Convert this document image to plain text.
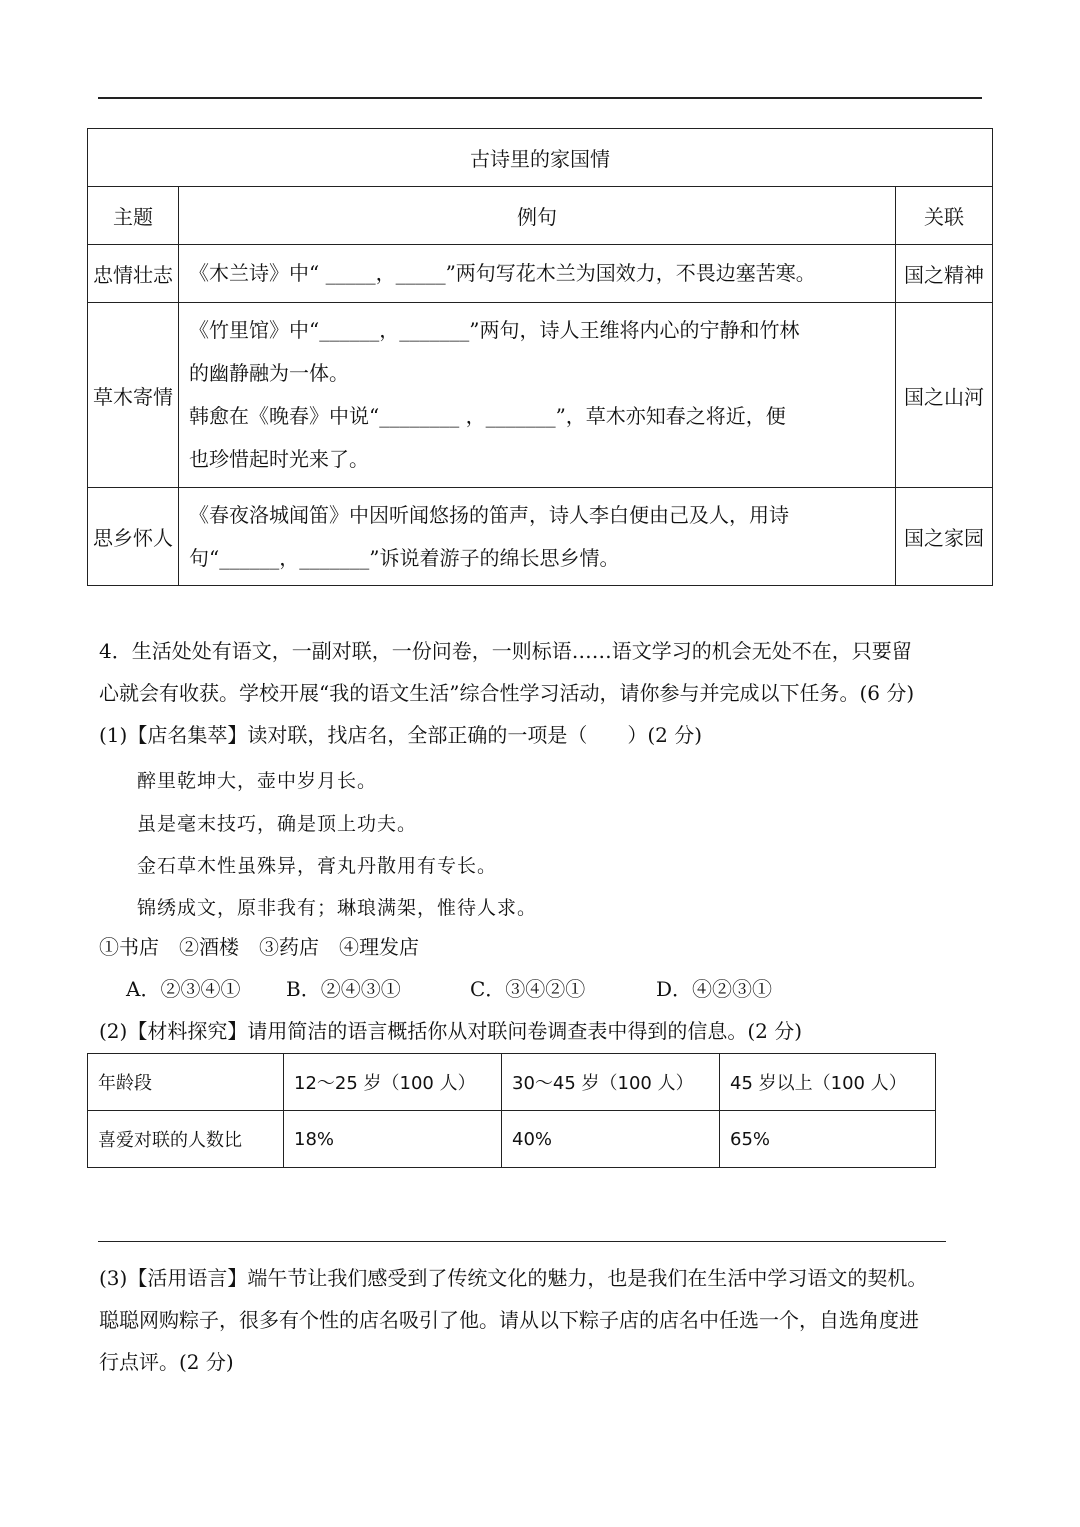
古诗里的家国情		
主题	例句	关联
忠情壮志	《木兰诗》中“ _____，_____”两句写花木兰为国效力，不畏边塞苦寒。	国之精神
草木寄情	《竹里馆》中“______，_______”两句，诗人王维将内心的宁静和竹林
的幽静融为一体。
韩愈在《晚春》中说“________ ，_______”，草木亦知春之将近，便
也珍惜起时光来了。	国之山河
思乡怀人	《春夜洛城闻笛》中因听闻悠扬的笛声，诗人李白便由己及人，用诗
句“______，_______”诉说着游子的绵长思乡情。	国之家园
4．生活处处有语文，一副对联，一份问卷，一则标语……语文学习的机会无处不在，只要留
心就会有收获。学校开展“我的语文生活”综合性学习活动，请你参与并完成以下任务。(6 分)
(1)【店名集萃】读对联，找店名，全部正确的一项是（　　）(2 分)
醉里乾坤大，壶中岁月长。
虽是毫末技巧，确是顶上功夫。
金石草木性虽殊异，膏丸丹散用有专长。
锦绣成文，原非我有；琳琅满架，惟待人求。
①书店　②酒楼　③药店　④理发店
A．②③④① B．②④③①	C．③④②①	D．④②③①
(2)【材料探究】请用简洁的语言概括你从对联问卷调查表中得到的信息。(2 分)
年龄段	12～25 岁（100 人）	30～45 岁（100 人）	45 岁以上（100 人）
喜爱对联的人数比	18%	40%	65%
(3)【活用语言】端午节让我们感受到了传统文化的魅力，也是我们在生活中学习语文的契机。
聪聪网购粽子，很多有个性的店名吸引了他。请从以下粽子店的店名中任选一个，自选角度进
行点评。(2 分)
